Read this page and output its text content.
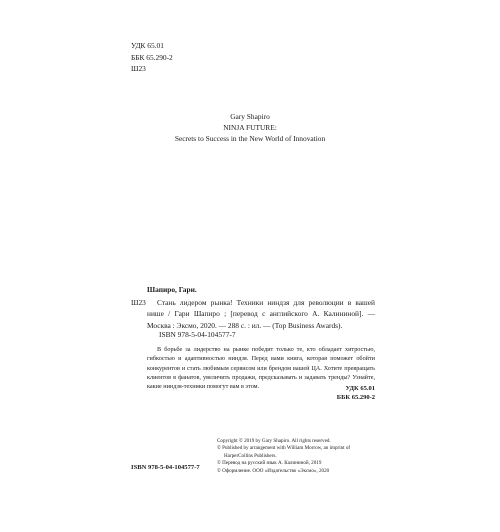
УДК 65.01
ББК 65.290-2
Ш23
Gary Shapiro
NINJA FUTURE:
Secrets to Success in the New World of Innovation
Шапиро, Гари.
Ш23	Стань лидером рынка! Техники ниндзя для революции в вашей нише / Гари Шапиро ; [перевод с английского А. Калининой]. — Москва : Эксмо, 2020. — 288 с. : ил. — (Top Business Awards).
ISBN 978-5-04-104577-7
В борьбе за лидерство на рынке победит только те, кто обладает хитростью, гибкостью и адаптивностью ниндзя. Перед вами книга, которая поможет обойти конкурентов и стать любимым сервисом или брендом вашей ЦА. Хотите превращать клиентов в фанатов, увеличить продажи, предсказывать и задавать тренды? Узнайте, какие ниндзя-техники помогут вам в этом.	УДК 65.01
ББК 65.290-2
Copyright © 2019 by Gary Shapiro. All rights reserved.
© Published by arrangement with William Morrow, an imprint of
HarperCollins Publishers.
© Перевод на русский язык А. Калининой, 2019
© Оформление. ООО «Издательство «Эксмо», 2020
ISBN 978-5-04-104577-7
